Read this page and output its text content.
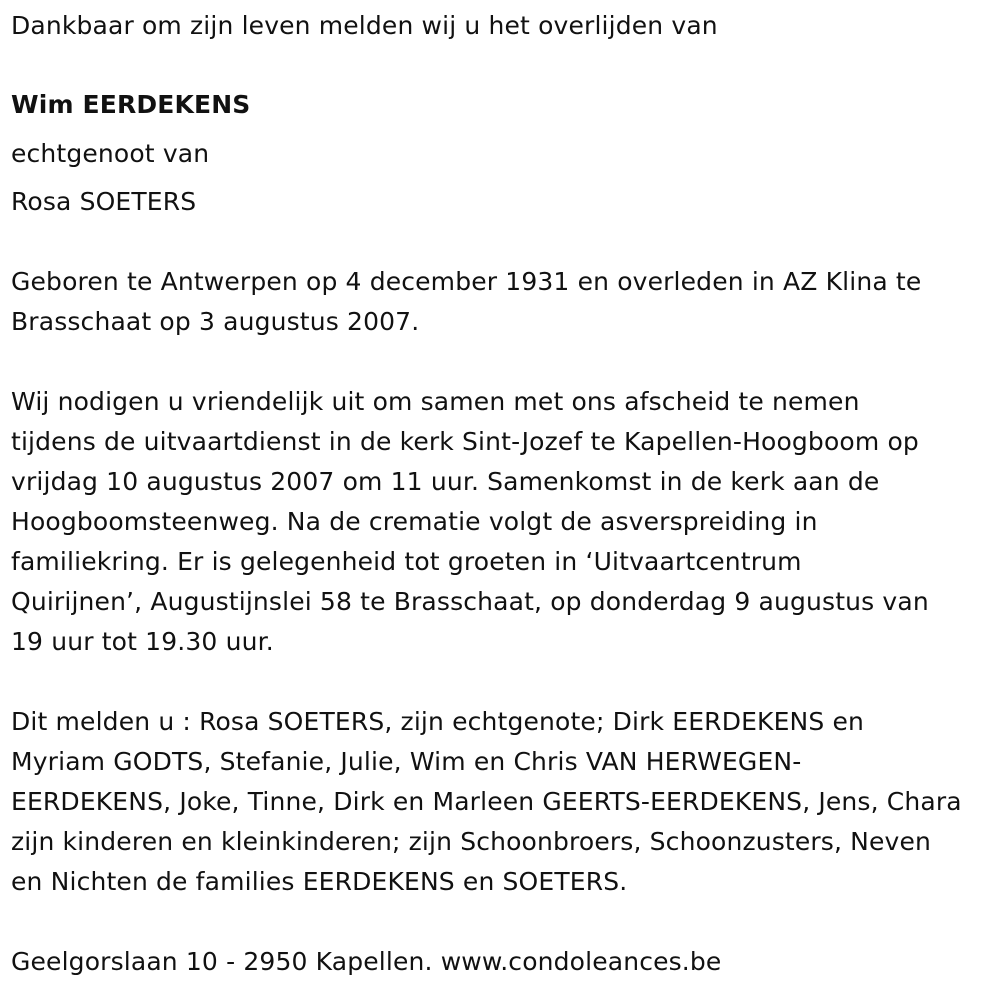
Dankbaar om zijn leven melden wij u het overlijden van
Wim EERDEKENS
echtgenoot van
Rosa SOETERS
Geboren te Antwerpen op 4 december 1931 en overleden in AZ Klina te
Brasschaat op 3 augustus 2007.
Wij nodigen u vriendelijk uit om samen met ons afscheid te nemen
tijdens de uitvaartdienst in de kerk Sint-Jozef te Kapellen-Hoogboom op
vrijdag 10 augustus 2007 om 11 uur. Samenkomst in de kerk aan de
Hoogboomsteenweg. Na de crematie volgt de asverspreiding in
familiekring. Er is gelegenheid tot groeten in ‘Uitvaartcentrum
Quirijnen’, Augustijnslei 58 te Brasschaat, op donderdag 9 augustus van
19 uur tot 19.30 uur.
Dit melden u : Rosa SOETERS, zijn echtgenote; Dirk EERDEKENS en
Myriam GODTS, Stefanie, Julie, Wim en Chris VAN HERWEGEN-
EERDEKENS, Joke, Tinne, Dirk en Marleen GEERTS-EERDEKENS, Jens, Chara
zijn kinderen en kleinkinderen; zijn Schoonbroers, Schoonzusters, Neven
en Nichten de families EERDEKENS en SOETERS.
Geelgorslaan 10 - 2950 Kapellen. www.condoleances.be
